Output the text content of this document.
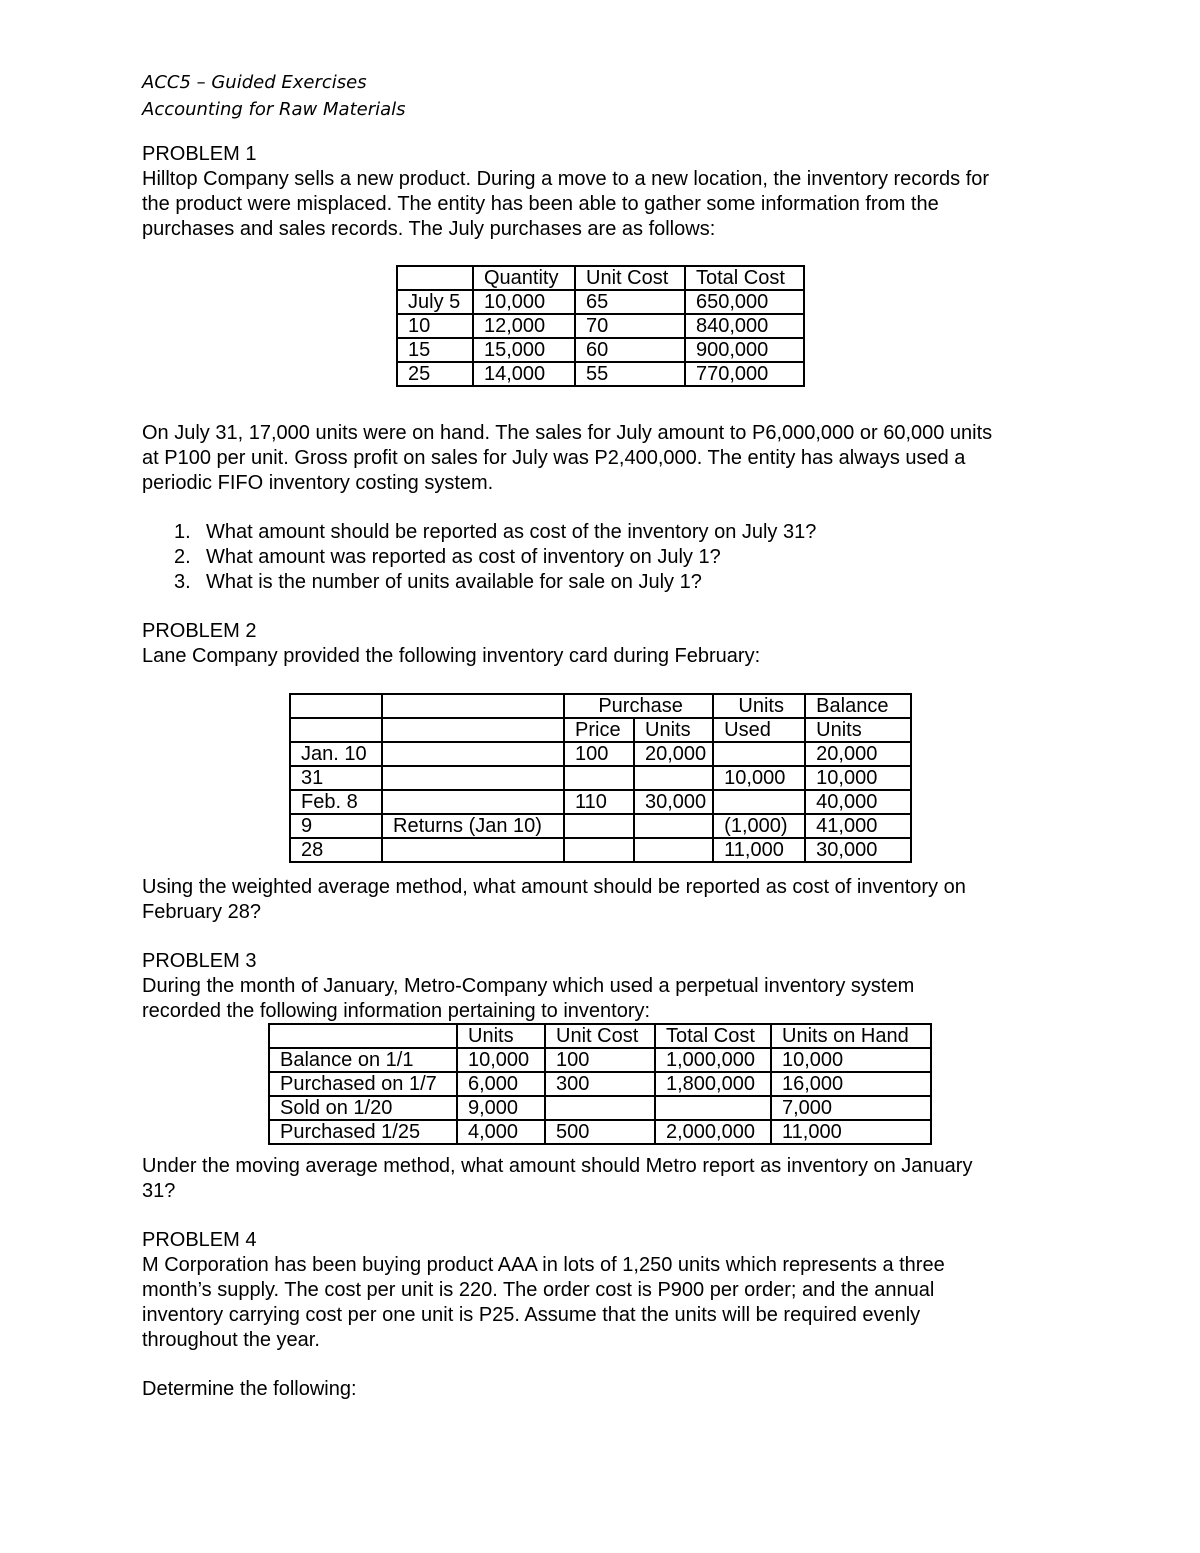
ACC5 – Guided Exercises
Accounting for Raw Materials
PROBLEM 1
Hilltop Company sells a new product. During a move to a new location, the inventory records for
the product were misplaced. The entity has been able to gather some information from the
purchases and sales records. The July purchases are as follows:
	Quantity	Unit Cost	Total Cost
July 5	10,000	65	650,000
10	12,000	70	840,000
15	15,000	60	900,000
25	14,000	55	770,000
On July 31, 17,000 units were on hand. The sales for July amount to P6,000,000 or 60,000 units
at P100 per unit. Gross profit on sales for July was P2,400,000. The entity has always used a
periodic FIFO inventory costing system.
1. What amount should be reported as cost of the inventory on July 31?
2. What amount was reported as cost of inventory on July 1?
3. What is the number of units available for sale on July 1?
PROBLEM 2
Lane Company provided the following inventory card during February:
		Purchase		Units	Balance
		Price	Units	Used	Units
Jan. 10		100	20,000		20,000
31				10,000	10,000
Feb. 8		110	30,000		40,000
9	Returns (Jan 10)			(1,000)	41,000
28				11,000	30,000
Using the weighted average method, what amount should be reported as cost of inventory on
February 28?
PROBLEM 3
During the month of January, Metro-Company which used a perpetual inventory system
recorded the following information pertaining to inventory:
	Units	Unit Cost	Total Cost	Units on Hand
Balance on 1/1	10,000	100	1,000,000	10,000
Purchased on 1/7	6,000	300	1,800,000	16,000
Sold on 1/20	9,000			7,000
Purchased 1/25	4,000	500	2,000,000	11,000
Under the moving average method, what amount should Metro report as inventory on January
31?
PROBLEM 4
M Corporation has been buying product AAA in lots of 1,250 units which represents a three
month’s supply. The cost per unit is 220. The order cost is P900 per order; and the annual
inventory carrying cost per one unit is P25. Assume that the units will be required evenly
throughout the year.
Determine the following:
